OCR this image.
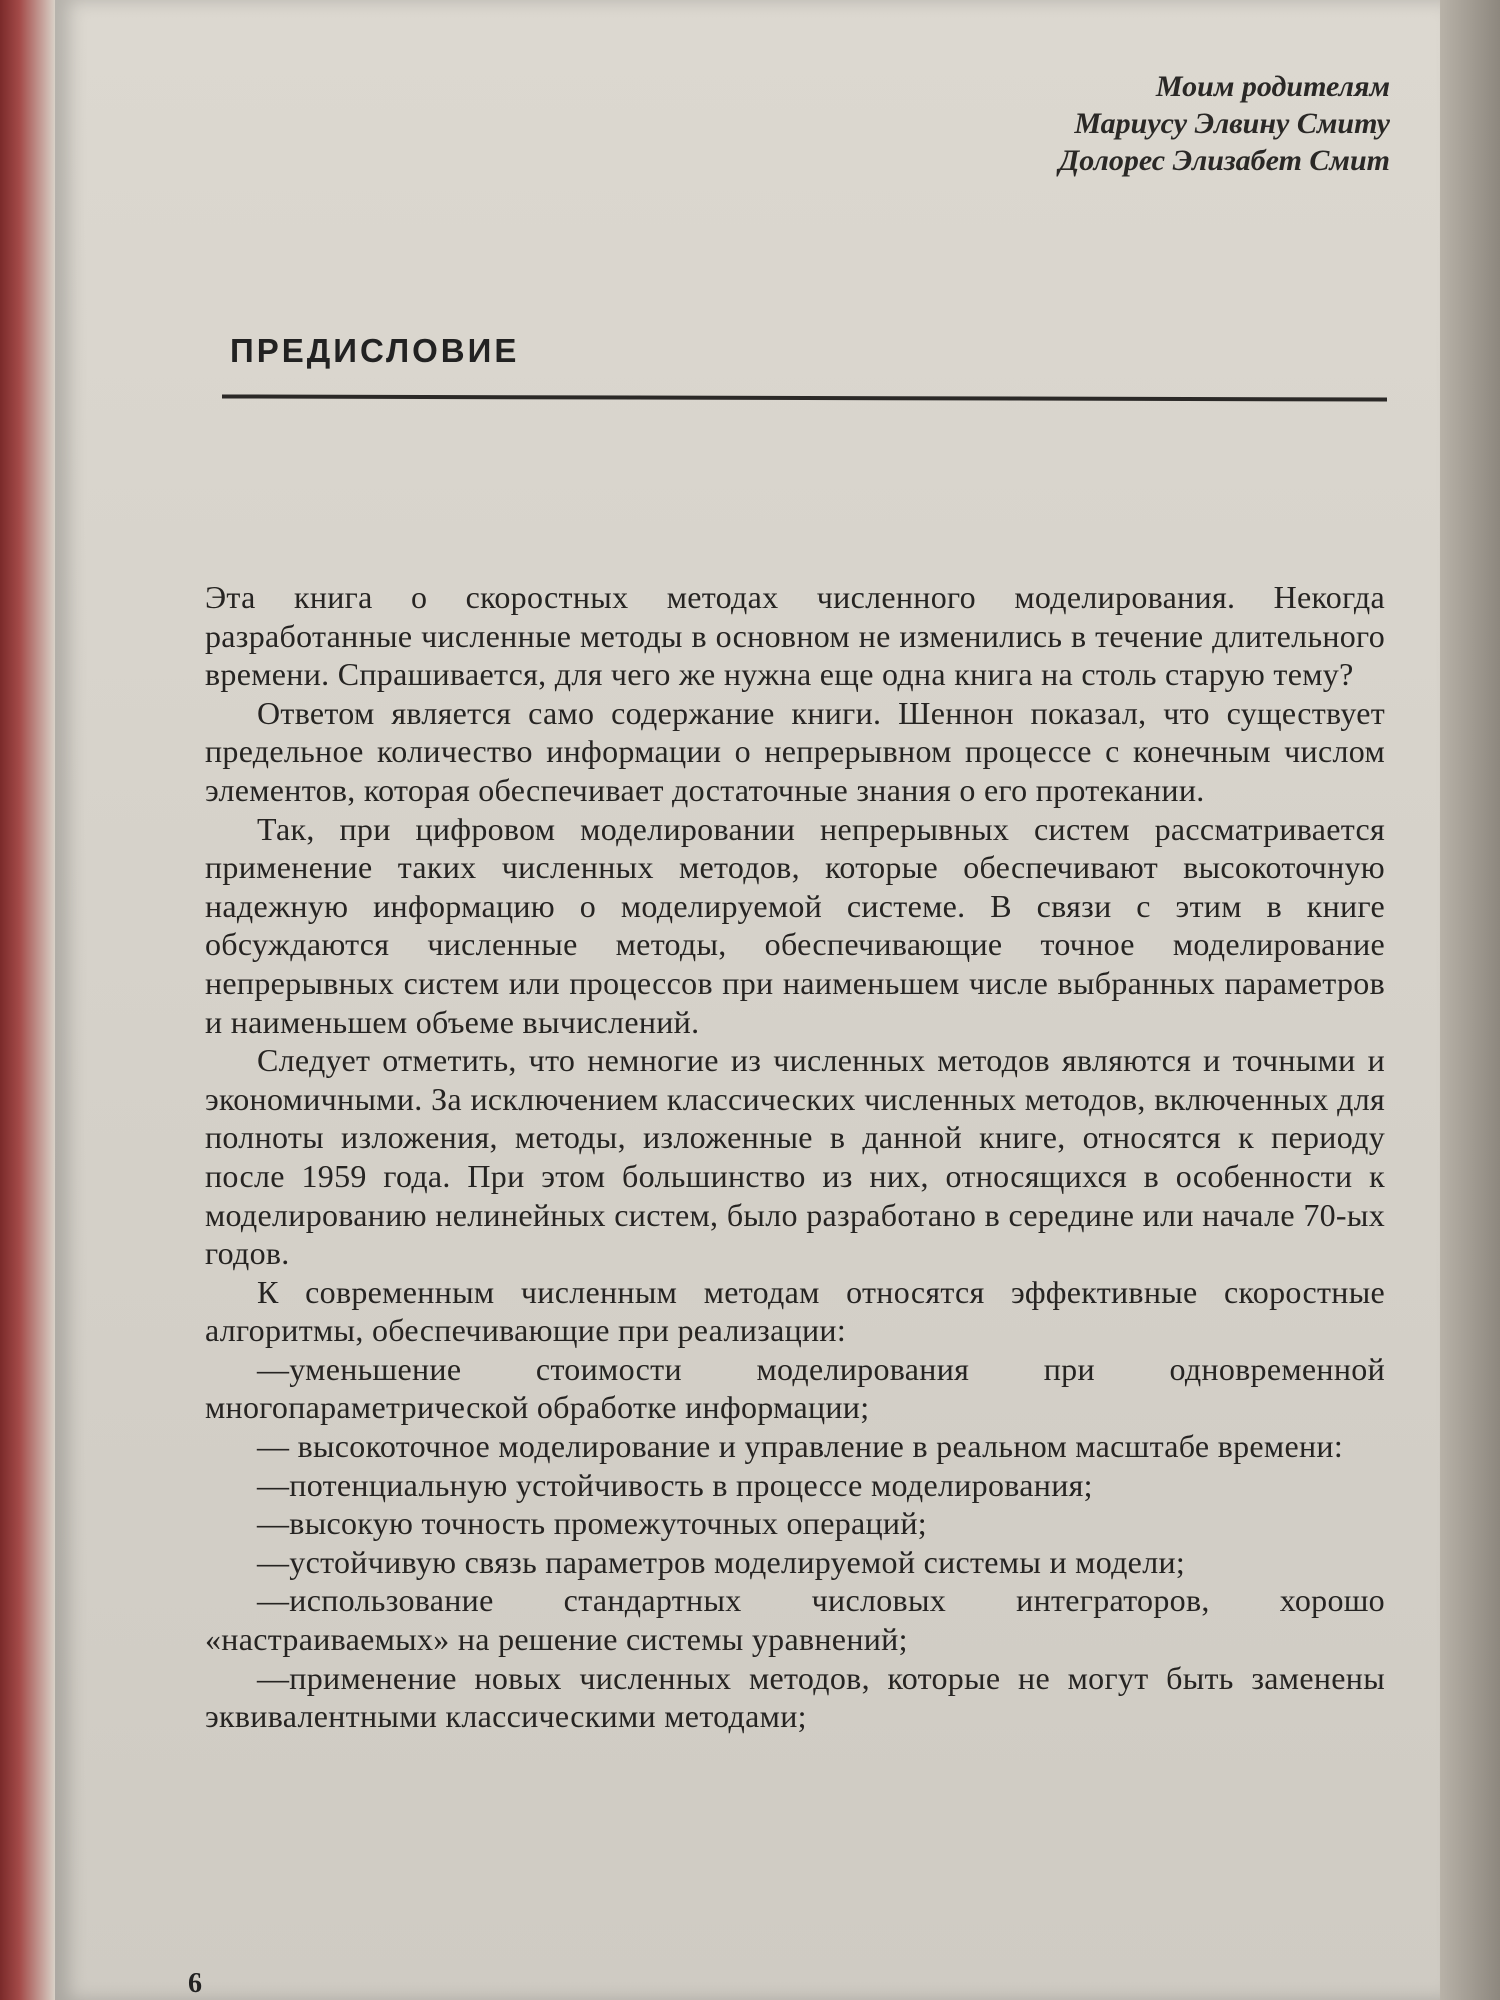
Моим родителям
Мариусу Элвину Смиту
Долорес Элизабет Смит
ПРЕДИСЛОВИЕ

Эта книга о скоростных методах численного моделирования. Некогда разработанные численные методы в основном не изменились в течение длительного времени. Спрашивается, для чего же нужна еще одна книга на столь старую тему?

Ответом является само содержание книги. Шеннон показал, что существует предельное количество информации о непрерывном процессе с конечным числом элементов, которая обеспечивает достаточные знания о его протекании.

Так, при цифровом моделировании непрерывных систем рассматривается применение таких численных методов, которые обеспечивают высокоточную надежную информацию о моделируемой системе. В связи с этим в книге обсуждаются численные методы, обеспечивающие точное моделирование непрерывных систем или процессов при наименьшем числе выбранных параметров и наименьшем объеме вычислений.

Следует отметить, что немногие из численных методов являются и точными и экономичными. За исключением классических численных методов, включенных для полноты изложения, методы, изложенные в данной книге, относятся к периоду после 1959 года. При этом большинство из них, относящихся в особенности к моделированию нелинейных систем, было разработано в середине или начале 70-ых годов.

К современным численным методам относятся эффективные скоростные алгоритмы, обеспечивающие при реализации:

—уменьшение стоимости моделирования при одновременной многопараметрической обработке информации;

— высокоточное моделирование и управление в реальном масштабе времени:

—потенциальную устойчивость в процессе моделирования;

—высокую точность промежуточных операций;

—устойчивую связь параметров моделируемой системы и модели;

—использование стандартных числовых интеграторов, хорошо «настраиваемых» на решение системы уравнений;

—применение новых численных методов, которые не могут быть заменены эквивалентными классическими методами;

6
